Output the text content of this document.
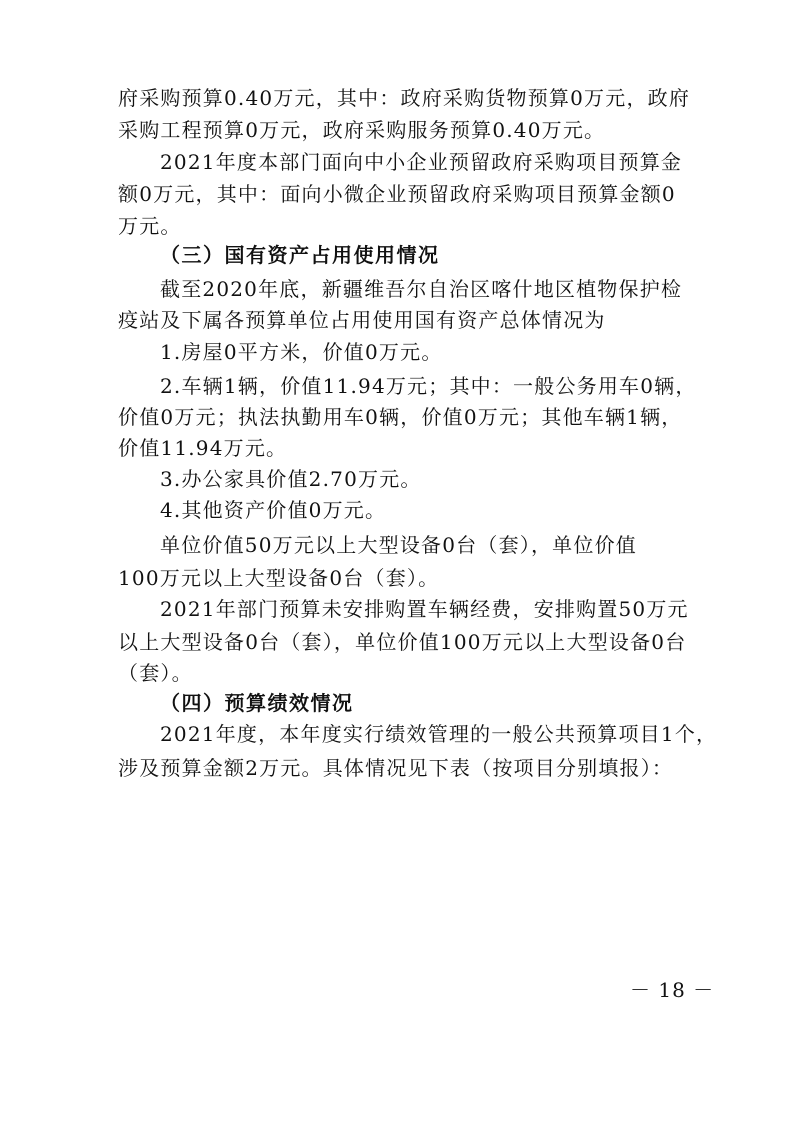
府采购预算0.40万元，其中：政府采购货物预算0万元，政府
采购工程预算0万元，政府采购服务预算0.40万元。
2021年度本部门面向中小企业预留政府采购项目预算金
额0万元，其中：面向小微企业预留政府采购项目预算金额0
万元。
（三）国有资产占用使用情况
截至2020年底，新疆维吾尔自治区喀什地区植物保护检
疫站及下属各预算单位占用使用国有资产总体情况为
1.房屋0平方米，价值0万元。
2.车辆1辆，价值11.94万元；其中：一般公务用车0辆，
价值0万元；执法执勤用车0辆，价值0万元；其他车辆1辆，
价值11.94万元。
3.办公家具价值2.70万元。
4.其他资产价值0万元。
单位价值50万元以上大型设备0台（套），单位价值
100万元以上大型设备0台（套）。
2021年部门预算未安排购置车辆经费，安排购置50万元
以上大型设备0台（套），单位价值100万元以上大型设备0台
（套）。
（四）预算绩效情况
2021年度，本年度实行绩效管理的一般公共预算项目1个，
涉及预算金额2万元。具体情况见下表（按项目分别填报）：
－ 18 －
